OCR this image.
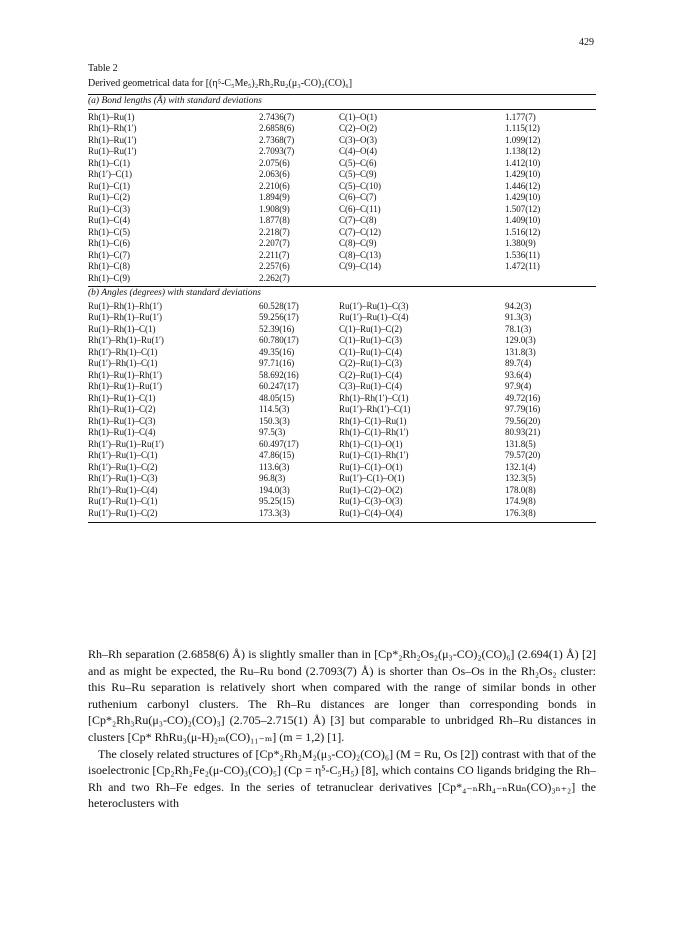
429

Table 2

Derived geometrical data for [(η⁵-C₅Me₅)₂Rh₂Ru₂(μ₃-CO)₂(CO)₆]

(a) Bond lengths (Å) with standard deviations
Rh(1)–Ru(1)	2.7436(7)	C(1)–O(1)	1.177(7)
Rh(1)–Rh(1′)	2.6858(6)	C(2)–O(2)	1.115(12)
Rh(1)–Ru(1′)	2.7368(7)	C(3)–O(3)	1.099(12)
Ru(1)–Ru(1′)	2.7093(7)	C(4)–O(4)	1.138(12)
Rh(1)–C(1)	2.075(6)	C(5)–C(6)	1.412(10)
Rh(1′)–C(1)	2.063(6)	C(5)–C(9)	1.429(10)
Ru(1)–C(1)	2.210(6)	C(5)–C(10)	1.446(12)
Ru(1)–C(2)	1.894(9)	C(6)–C(7)	1.429(10)
Ru(1)–C(3)	1.908(9)	C(6)–C(11)	1.507(12)
Ru(1)–C(4)	1.877(8)	C(7)–C(8)	1.409(10)
Rh(1)–C(5)	2.218(7)	C(7)–C(12)	1.516(12)
Rh(1)–C(6)	2.207(7)	C(8)–C(9)	1.380(9)
Rh(1)–C(7)	2.211(7)	C(8)–C(13)	1.536(11)
Rh(1)–C(8)	2.257(6)	C(9)–C(14)	1.472(11)
Rh(1)–C(9)	2.262(7)
(b) Angles (degrees) with standard deviations
Ru(1)–Rh(1)–Rh(1′)	60.528(17)	Ru(1′)–Ru(1)–C(3)	94.2(3)
Ru(1)–Rh(1)–Ru(1′)	59.256(17)	Ru(1′)–Ru(1)–C(4)	91.3(3)
Ru(1)–Rh(1)–C(1)	52.39(16)	C(1)–Ru(1)–C(2)	78.1(3)
Rh(1′)–Rh(1)–Ru(1′)	60.780(17)	C(1)–Ru(1)–C(3)	129.0(3)
Rh(1′)–Rh(1)–C(1)	49.35(16)	C(1)–Ru(1)–C(4)	131.8(3)
Ru(1′)–Rh(1)–C(1)	97.71(16)	C(2)–Ru(1)–C(3)	89.7(4)
Rh(1)–Ru(1)–Rh(1′)	58.692(16)	C(2)–Ru(1)–C(4)	93.6(4)
Rh(1)–Ru(1)–Ru(1′)	60.247(17)	C(3)–Ru(1)–C(4)	97.9(4)
Rh(1)–Ru(1)–C(1)	48.05(15)	Rh(1)–Rh(1′)–C(1)	49.72(16)
Rh(1)–Ru(1)–C(2)	114.5(3)	Ru(1′)–Rh(1′)–C(1)	97.79(16)
Rh(1)–Ru(1)–C(3)	150.3(3)	Rh(1)–C(1)–Ru(1)	79.56(20)
Rh(1)–Ru(1)–C(4)	97.5(3)	Rh(1)–C(1)–Rh(1′)	80.93(21)
Rh(1′)–Ru(1)–Ru(1′)	60.497(17)	Rh(1)–C(1)–O(1)	131.8(5)
Rh(1′)–Ru(1)–C(1)	47.86(15)	Ru(1)–C(1)–Rh(1′)	79.57(20)
Rh(1′)–Ru(1)–C(2)	113.6(3)	Ru(1)–C(1)–O(1)	132.1(4)
Rh(1′)–Ru(1)–C(3)	96.8(3)	Ru(1′)–C(1)–O(1)	132.3(5)
Rh(1′)–Ru(1)–C(4)	194.0(3)	Ru(1)–C(2)–O(2)	178.0(8)
Ru(1′)–Ru(1)–C(1)	95.25(15)	Ru(1)–C(3)–O(3)	174.9(8)
Ru(1′)–Ru(1)–C(2)	173.3(3)	Ru(1)–C(4)–O(4)	176.3(8)

Rh–Rh separation (2.6858(6) Å) is slightly smaller than in [Cp*₂Rh₂Os₂(μ₃-CO)₂(CO)₆] (2.694(1) Å) [2] and as might be expected, the Ru–Ru bond (2.7093(7) Å) is shorter than Os–Os in the Rh₂Os₂ cluster: this Ru–Ru separation is relatively short when compared with the range of similar bonds in other ruthenium carbonyl clusters. The Rh–Ru distances are longer than corresponding bonds in [Cp*₂Rh₃Ru(μ₃-CO)₂(CO)₃] (2.705–2.715(1) Å) [3] but comparable to unbridged Rh–Ru distances in clusters [Cp* RhRu₃(μ-H)₂ₘ(CO)₁₁₋ₘ] (m = 1,2) [1].

The closely related structures of [Cp*₂Rh₂M₂(μ₃-CO)₂(CO)₆] (M = Ru, Os [2]) contrast with that of the isoelectronic [Cp₂Rh₂Fe₂(μ-CO)₃(CO)₅] (Cp = η⁵-C₅H₅) [8], which contains CO ligands bridging the Rh–Rh and two Rh–Fe edges. In the series of tetranuclear derivatives [Cp*₄₋ₙRh₄₋ₙRuₙ(CO)₃ₙ₊₂] the heteroclusters with
